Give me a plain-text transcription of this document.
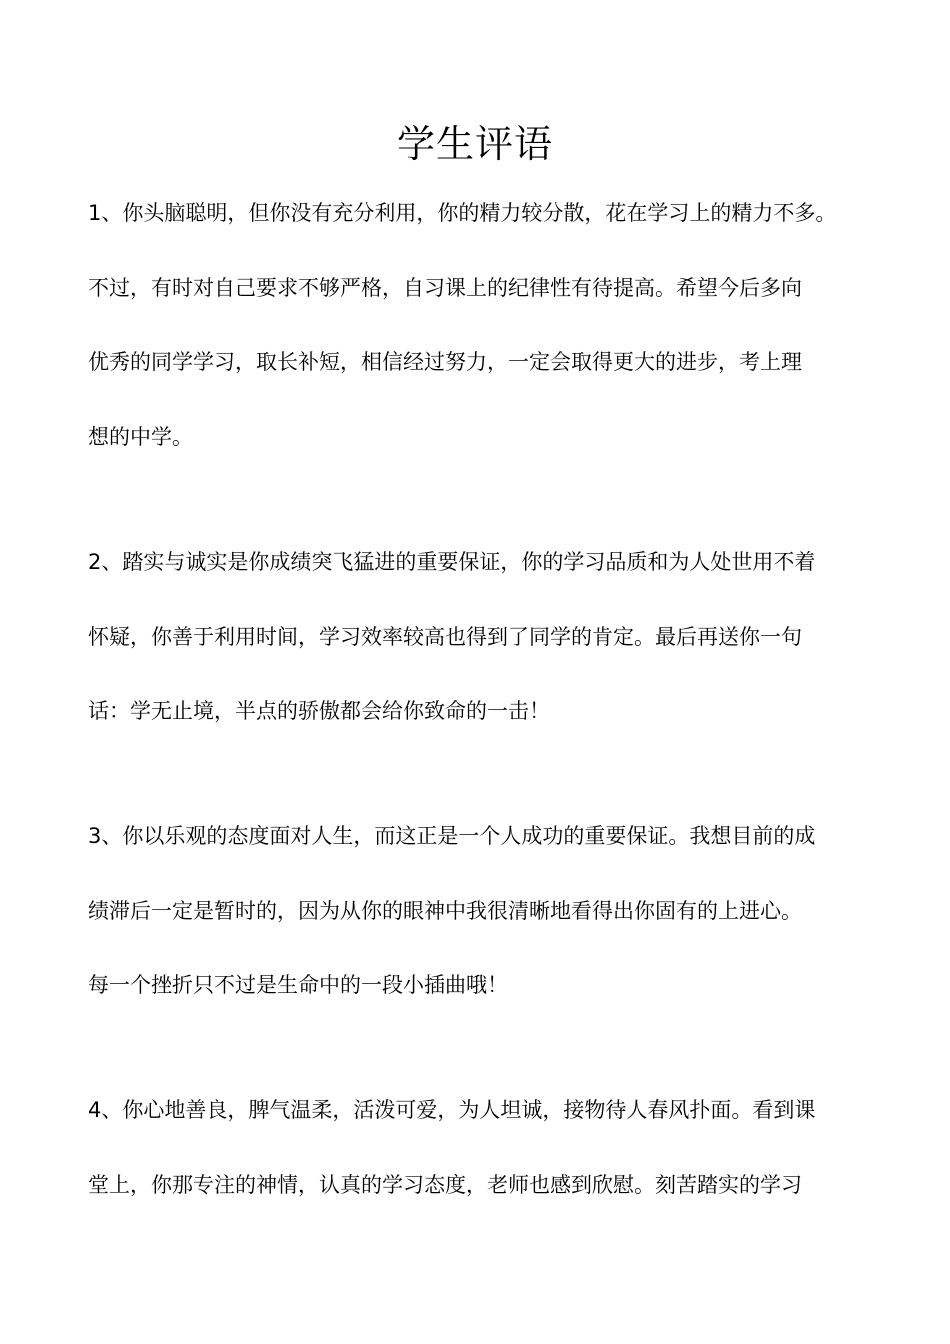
学生评语
1、你头脑聪明，但你没有充分利用，你的精力较分散，花在学习上的精力不多。
不过，有时对自己要求不够严格，自习课上的纪律性有待提高。希望今后多向
优秀的同学学习，取长补短，相信经过努力，一定会取得更大的进步，考上理
想的中学。
2、踏实与诚实是你成绩突飞猛进的重要保证，你的学习品质和为人处世用不着
怀疑，你善于利用时间，学习效率较高也得到了同学的肯定。最后再送你一句
话：学无止境，半点的骄傲都会给你致命的一击！
3、你以乐观的态度面对人生，而这正是一个人成功的重要保证。我想目前的成
绩滞后一定是暂时的，因为从你的眼神中我很清晰地看得出你固有的上进心。
每一个挫折只不过是生命中的一段小插曲哦！
4、你心地善良，脾气温柔，活泼可爱，为人坦诚，接物待人春风扑面。看到课
堂上，你那专注的神情，认真的学习态度，老师也感到欣慰。刻苦踏实的学习
